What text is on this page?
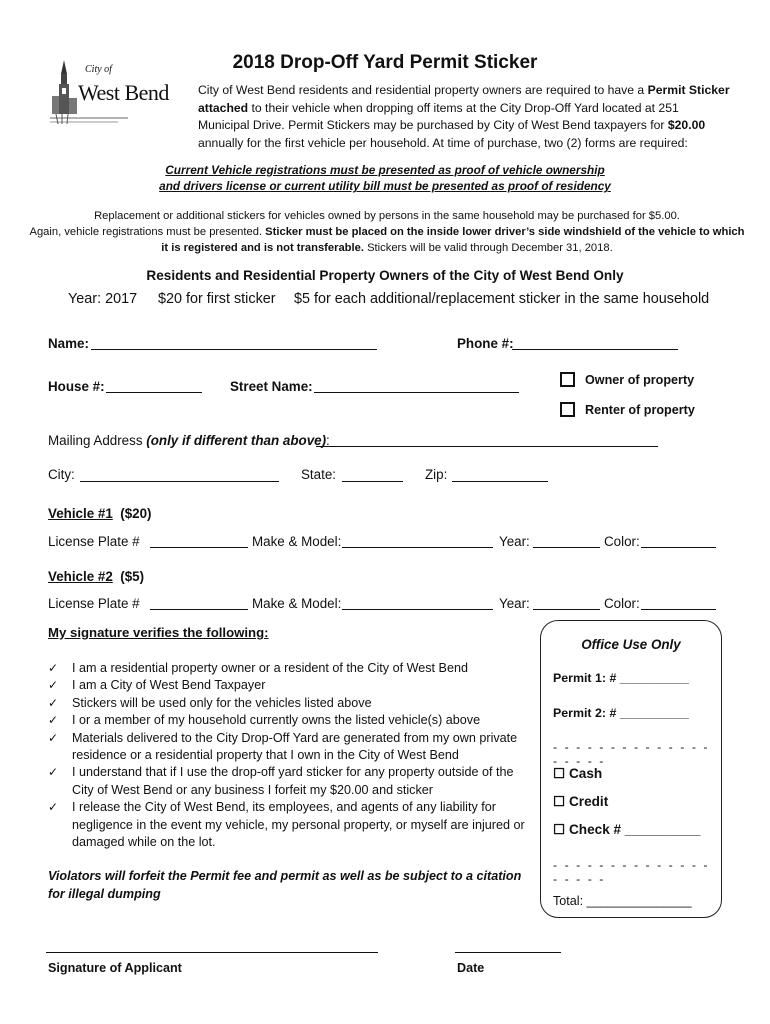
2018 Drop-Off Yard Permit Sticker
City of
West Bend City of West Bend residents and residential property owners are required to have a Permit Sticker attached to their vehicle when dropping off items at the City Drop-Off Yard located at 251 Municipal Drive. Permit Stickers may be purchased by City of West Bend taxpayers for $20.00 annually for the first vehicle per household. At time of purchase, two (2) forms are required:
Current Vehicle registrations must be presented as proof of vehicle ownership
and drivers license or current utility bill must be presented as proof of residency
Replacement or additional stickers for vehicles owned by persons in the same household may be purchased for $5.00.
Again, vehicle registrations must be presented. Sticker must be placed on the inside lower driver’s side windshield of the vehicle to which it is registered and is not transferable. Stickers will be valid through December 31, 2018.
Residents and Residential Property Owners of the City of West Bend Only
Year: 2017 $20 for first sticker $5 for each additional/replacement sticker in the same household
Name:	Phone #:
House #:	Street Name:	Owner of property
Renter of property
Mailing Address (only if different than above):
City:	State:	Zip:
Vehicle #1 ($20)
License Plate #	Make & Model:	Year:	Color:
Vehicle #2 ($5)
License Plate #	Make & Model:	Year:	Color:
My signature verifies the following:
✓ I am a residential property owner or a resident of the City of West Bend
✓ I am a City of West Bend Taxpayer
✓ Stickers will be used only for the vehicles listed above
✓ I or a member of my household currently owns the listed vehicle(s) above
✓ Materials delivered to the City Drop-Off Yard are generated from my own private residence or a residential property that I own in the City of West Bend
✓ I understand that if I use the drop-off yard sticker for any property outside of the City of West Bend or any business I forfeit my $20.00 and sticker
✓ I release the City of West Bend, its employees, and agents of any liability for negligence in the event my vehicle, my personal property, or myself are injured or damaged while on the lot.
Violators will forfeit the Permit fee and permit as well as be subject to a citation for illegal dumping
Office Use Only
Permit 1: # __________
Permit 2: # __________
- - - - - - - - - - - - - - - - - - -
☐ Cash
☐ Credit
☐ Check # __________
- - - - - - - - - - - - - - - - - - -
Total: _______________
Signature of Applicant	Date
